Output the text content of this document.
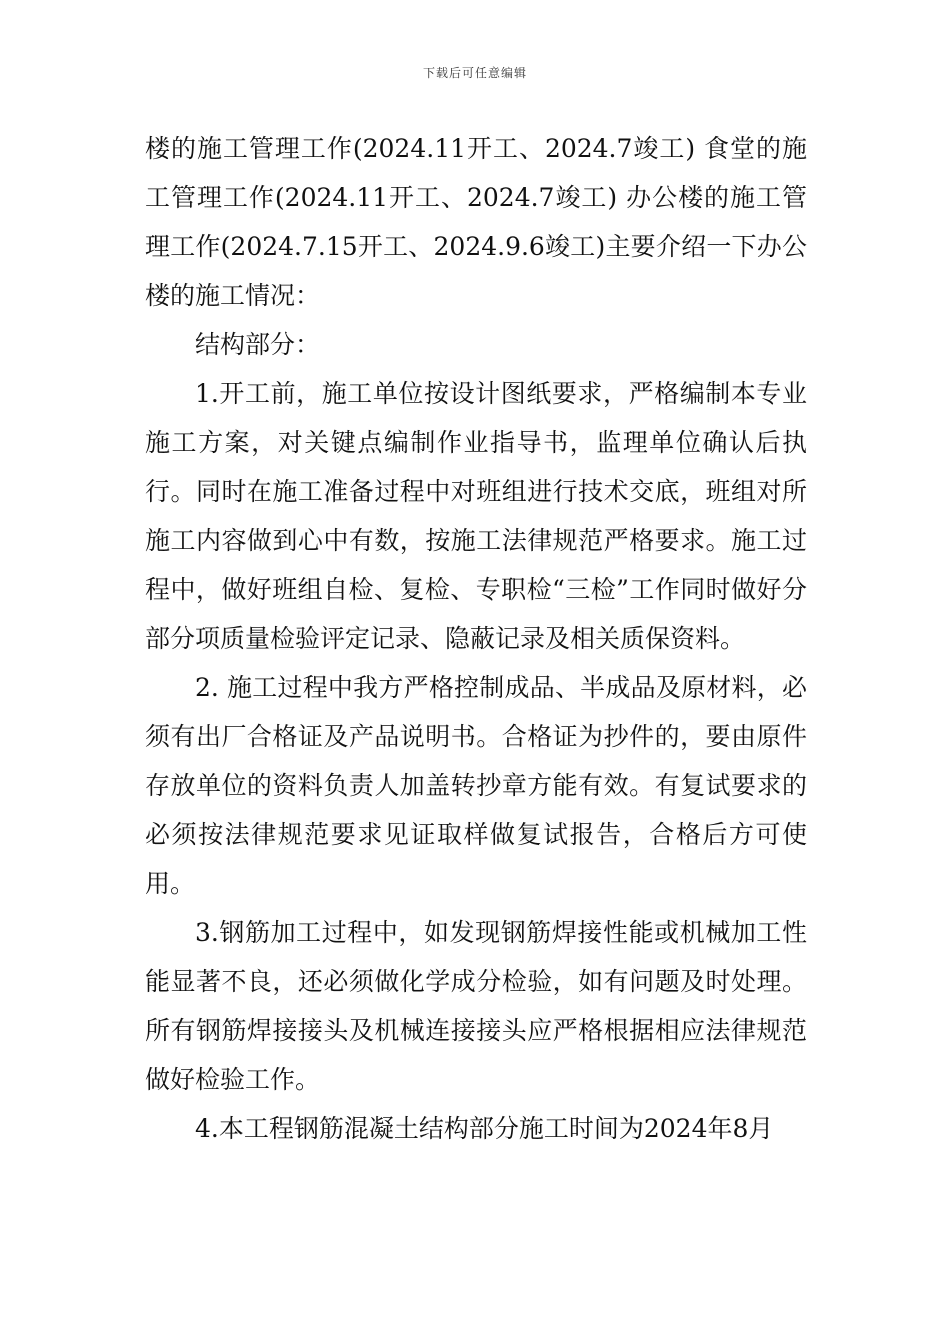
下载后可任意编辑

楼的施工管理工作(2024.11开工、2024.7竣工) 食堂的施工管理工作(2024.11开工、2024.7竣工) 办公楼的施工管理工作(2024.7.15开工、2024.9.6竣工)主要介绍一下办公楼的施工情况：

结构部分：

1.开工前，施工单位按设计图纸要求，严格编制本专业施工方案，对关键点编制作业指导书，监理单位确认后执行。同时在施工准备过程中对班组进行技术交底，班组对所施工内容做到心中有数，按施工法律规范严格要求。施工过程中，做好班组自检、复检、专职检“三检”工作同时做好分部分项质量检验评定记录、隐蔽记录及相关质保资料。

2. 施工过程中我方严格控制成品、半成品及原材料，必须有出厂合格证及产品说明书。合格证为抄件的，要由原件存放单位的资料负责人加盖转抄章方能有效。有复试要求的必须按法律规范要求见证取样做复试报告，合格后方可使用。

3.钢筋加工过程中，如发现钢筋焊接性能或机械加工性能显著不良，还必须做化学成分检验，如有问题及时处理。所有钢筋焊接接头及机械连接接头应严格根据相应法律规范做好检验工作。

4.本工程钢筋混凝土结构部分施工时间为2024年8月
